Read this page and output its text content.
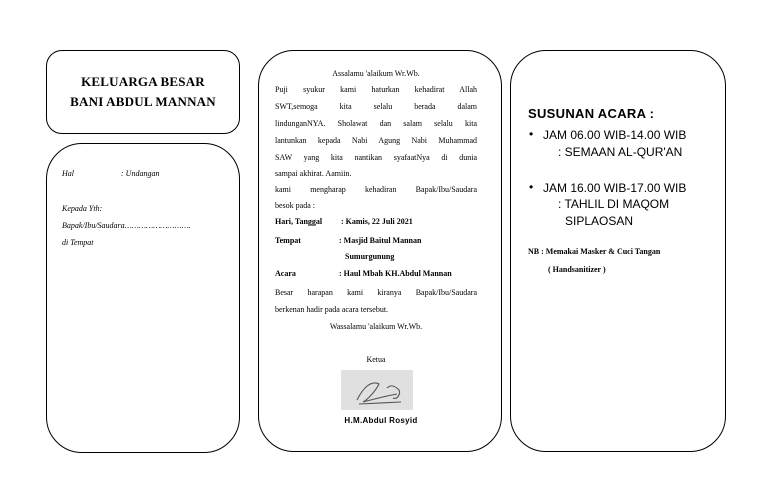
KELUARGA BESAR
BANI ABDUL MANNAN
Hal	: Undangan
Kepada Yth:
Bapak/Ibu/Saudara……………………….
di Tempat
Assalamu 'alaikum Wr.Wb.
Puji syukur kami haturkan kehadirat Allah
SWT,semoga kita selalu berada dalam
lindunganNYA. Sholawat dan salam selalu kita
lantunkan kepada Nabi Agung Nabi Muhammad
SAW yang kita nantikan syafaatNya di dunia
sampai akhirat. Aamiin.
kami mengharap kehadiran Bapak/Ibu/Saudara
besok pada :
Hari, Tanggal : Kamis, 22 Juli 2021
Tempat	: Masjid Baitul Mannan
Sumurgunung
Acara	: Haul Mbah KH.Abdul Mannan
Besar harapan kami kiranya Bapak/Ibu/Saudara
berkenan hadir pada acara tersebut.
Wassalamu 'alaikum Wr.Wb.
Ketua
H.M.Abdul Rosyid
SUSUNAN ACARA :
• JAM 06.00 WIB-14.00 WIB
: SEMAAN AL-QUR'AN
• JAM 16.00 WIB-17.00 WIB
: TAHLIL DI MAQOM
SIPLAOSAN
NB : Memakai Masker & Cuci Tangan
( Handsanitizer )
